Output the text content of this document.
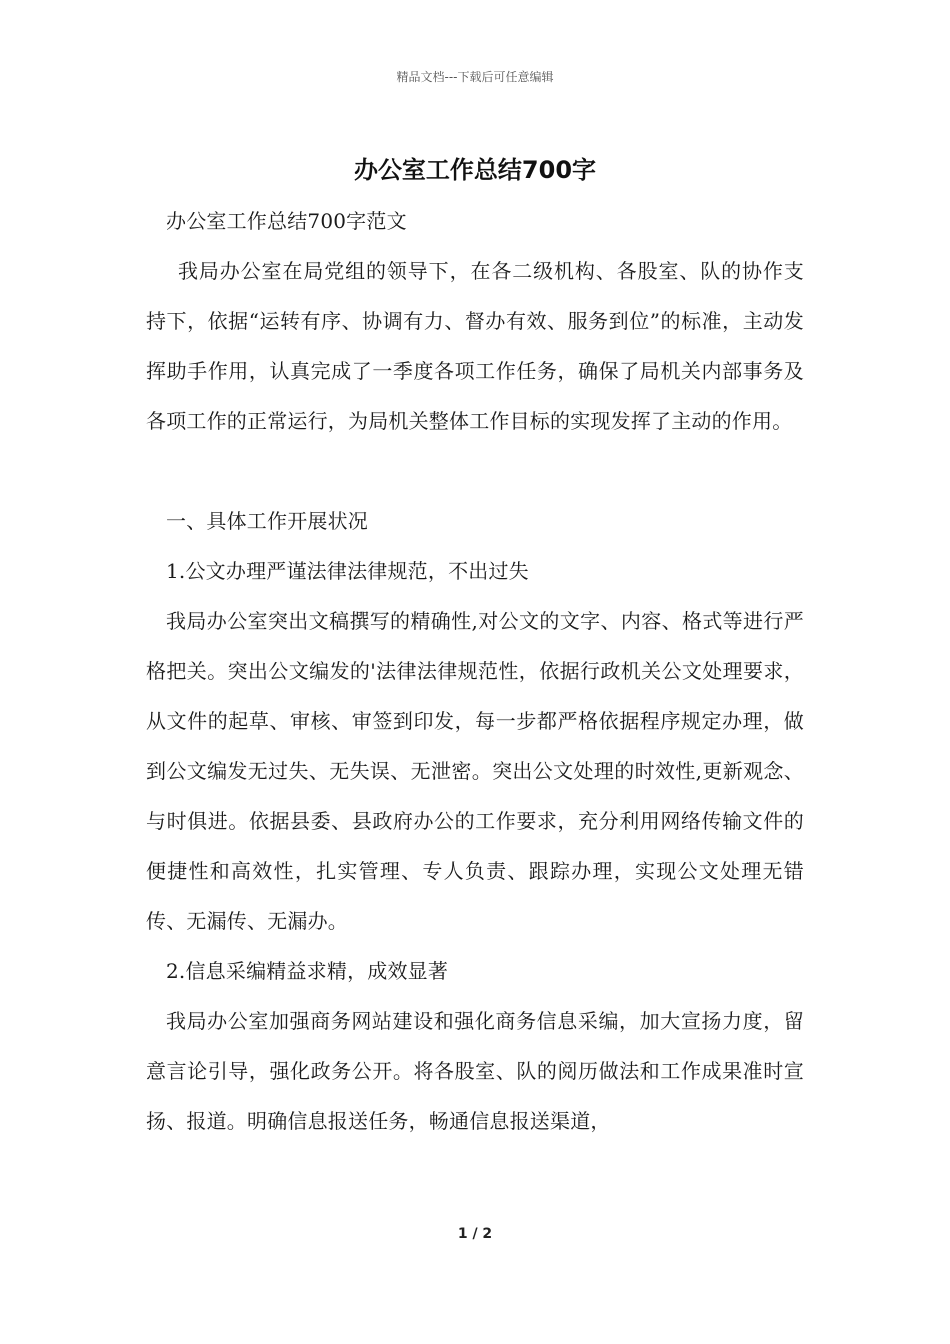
精品文档---下载后可任意编辑
办公室工作总结700字

办公室工作总结700字范文

我局办公室在局党组的领导下，在各二级机构、各股室、队的协作支持下，依据“运转有序、协调有力、督办有效、服务到位”的标准，主动发挥助手作用，认真完成了一季度各项工作任务，确保了局机关内部事务及各项工作的正常运行，为局机关整体工作目标的实现发挥了主动的作用。

一、具体工作开展状况

1.公文办理严谨法律法律规范，不出过失

我局办公室突出文稿撰写的精确性,对公文的文字、内容、格式等进行严格把关。突出公文编发的'法律法律规范性，依据行政机关公文处理要求，从文件的起草、审核、审签到印发，每一步都严格依据程序规定办理，做到公文编发无过失、无失误、无泄密。突出公文处理的时效性,更新观念、与时俱进。依据县委、县政府办公的工作要求，充分利用网络传输文件的便捷性和高效性，扎实管理、专人负责、跟踪办理，实现公文处理无错传、无漏传、无漏办。

2.信息采编精益求精，成效显著

我局办公室加强商务网站建设和强化商务信息采编，加大宣扬力度，留意言论引导，强化政务公开。将各股室、队的阅历做法和工作成果准时宣扬、报道。明确信息报送任务，畅通信息报送渠道，

1 / 2
